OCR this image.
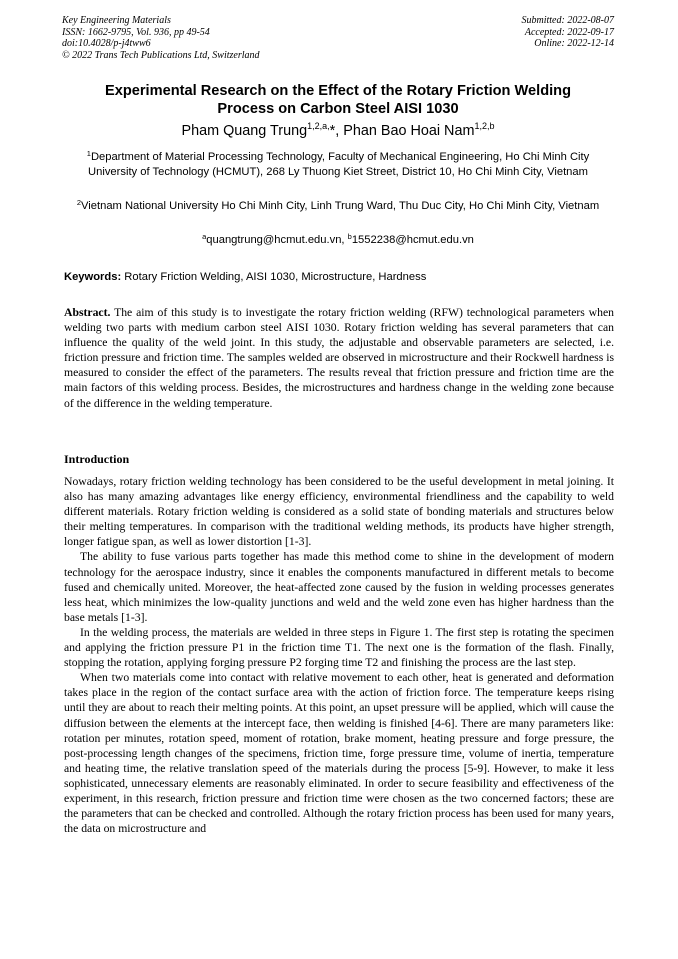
Key Engineering Materials
ISSN: 1662-9795, Vol. 936, pp 49-54
doi:10.4028/p-j4tww6
© 2022 Trans Tech Publications Ltd, Switzerland
Submitted: 2022-08-07
Accepted: 2022-09-17
Online: 2022-12-14
Experimental Research on the Effect of the Rotary Friction Welding
Process on Carbon Steel AISI 1030
Pham Quang Trung$^{1,2,a,}$*, Phan Bao Hoai Nam$^{1,2,b}$
$^1$Department of Material Processing Technology, Faculty of Mechanical Engineering, Ho Chi Minh City University of Technology (HCMUT), 268 Ly Thuong Kiet Street, District 10, Ho Chi Minh City, Vietnam
$^2$Vietnam National University Ho Chi Minh City, Linh Trung Ward, Thu Duc City, Ho Chi Minh City, Vietnam
$^a$quangtrung@hcmut.edu.vn, $^b$1552238@hcmut.edu.vn
Keywords: Rotary Friction Welding, AISI 1030, Microstructure, Hardness
Abstract. The aim of this study is to investigate the rotary friction welding (RFW) technological parameters when welding two parts with medium carbon steel AISI 1030. Rotary friction welding has several parameters that can influence the quality of the weld joint. In this study, the adjustable and observable parameters are selected, i.e. friction pressure and friction time. The samples welded are observed in microstructure and their Rockwell hardness is measured to consider the effect of the parameters. The results reveal that friction pressure and friction time are the main factors of this welding process. Besides, the microstructures and hardness change in the welding zone because of the difference in the welding temperature.
Introduction

Nowadays, rotary friction welding technology has been considered to be the useful development in metal joining. It also has many amazing advantages like energy efficiency, environmental friendliness and the capability to weld different materials. Rotary friction welding is considered as a solid state of bonding materials and structures below their melting temperatures. In comparison with the traditional welding methods, its products have higher strength, longer fatigue span, as well as lower distortion [1-3].

The ability to fuse various parts together has made this method come to shine in the development of modern technology for the aerospace industry, since it enables the components manufactured in different metals to become fused and chemically united. Moreover, the heat-affected zone caused by the fusion in welding processes generates less heat, which minimizes the low-quality junctions and weld and the weld zone even has higher hardness than the base metals [1-3].

In the welding process, the materials are welded in three steps in Figure 1. The first step is rotating the specimen and applying the friction pressure P1 in the friction time T1. The next one is the formation of the flash. Finally, stopping the rotation, applying forging pressure P2 forging time T2 and finishing the process are the last step.

When two materials come into contact with relative movement to each other, heat is generated and deformation takes place in the region of the contact surface area with the action of friction force. The temperature keeps rising until they are about to reach their melting points. At this point, an upset pressure will be applied, which will cause the diffusion between the elements at the intercept face, then welding is finished [4-6]. There are many parameters like: rotation per minutes, rotation speed, moment of rotation, brake moment, heating pressure and forge pressure, the post-processing length changes of the specimens, friction time, forge pressure time, volume of inertia, temperature and heating time, the relative translation speed of the materials during the process [5-9]. However, to make it less sophisticated, unnecessary elements are reasonably eliminated. In order to secure feasibility and effectiveness of the experiment, in this research, friction pressure and friction time were chosen as the two concerned factors; these are the parameters that can be checked and controlled. Although the rotary friction process has been used for many years, the data on microstructure and
